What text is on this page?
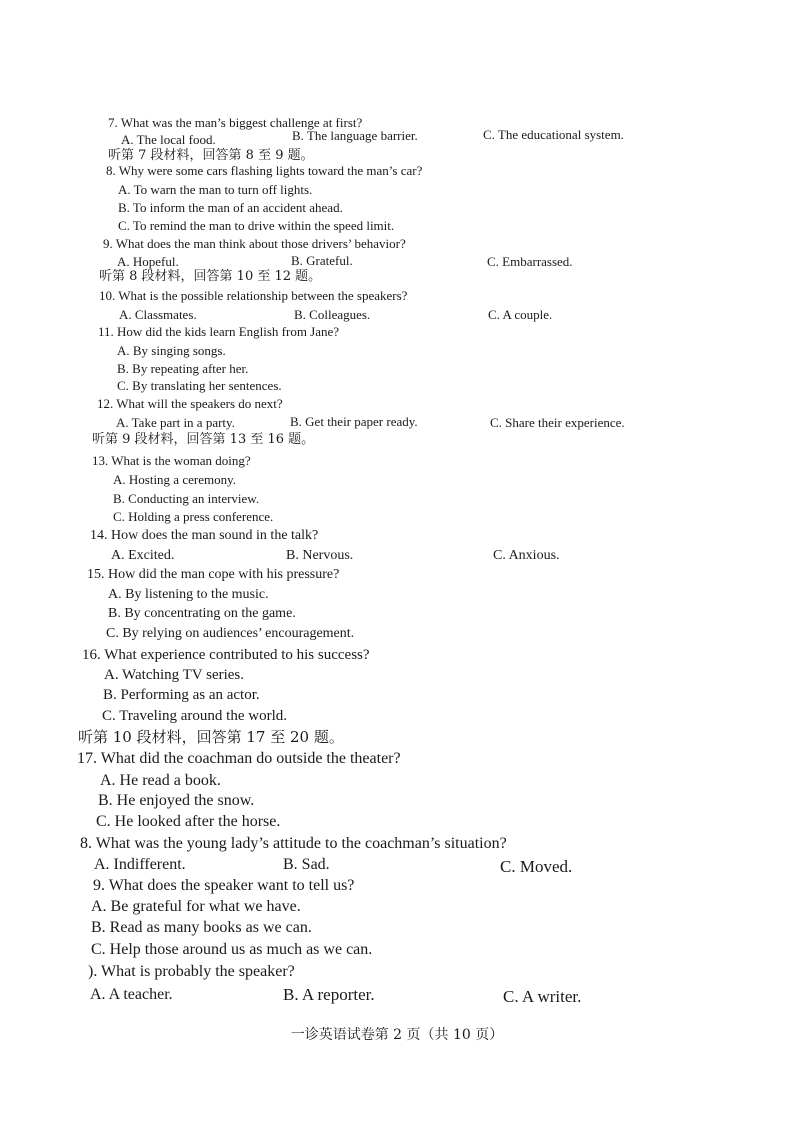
7. What was the man’s biggest challenge at first?
A. The local food.	B. The language barrier.	C. The educational system.
听第 7 段材料，回答第 8 至 9 题。
8. Why were some cars flashing lights toward the man’s car?
A. To warn the man to turn off lights.
B. To inform the man of an accident ahead.
C. To remind the man to drive within the speed limit.
9. What does the man think about those drivers’ behavior?
A. Hopeful.	B. Grateful.	C. Embarrassed.
听第 8 段材料，回答第 10 至 12 题。
10. What is the possible relationship between the speakers?
A. Classmates.	B. Colleagues.	C. A couple.
11. How did the kids learn English from Jane?
A. By singing songs.
B. By repeating after her.
C. By translating her sentences.
12. What will the speakers do next?
A. Take part in a party.	B. Get their paper ready.	C. Share their experience.
听第 9 段材料，回答第 13 至 16 题。
13. What is the woman doing?
A. Hosting a ceremony.
B. Conducting an interview.
C. Holding a press conference.
14. How does the man sound in the talk?
A. Excited.	B. Nervous.	C. Anxious.
15. How did the man cope with his pressure?
A. By listening to the music.
B. By concentrating on the game.
C. By relying on audiences’ encouragement.
16. What experience contributed to his success?
A. Watching TV series.
B. Performing as an actor.
C. Traveling around the world.
听第 10 段材料，回答第 17 至 20 题。
17. What did the coachman do outside the theater?
A. He read a book.
B. He enjoyed the snow.
C. He looked after the horse.
8. What was the young lady’s attitude to the coachman’s situation?
A. Indifferent.	B. Sad.	C. Moved.
9. What does the speaker want to tell us?
A. Be grateful for what we have.
B. Read as many books as we can.
C. Help those around us as much as we can.
). What is probably the speaker?
A. A teacher.	B. A reporter.	C. A writer.
一诊英语试卷第 2 页（共 10 页）
